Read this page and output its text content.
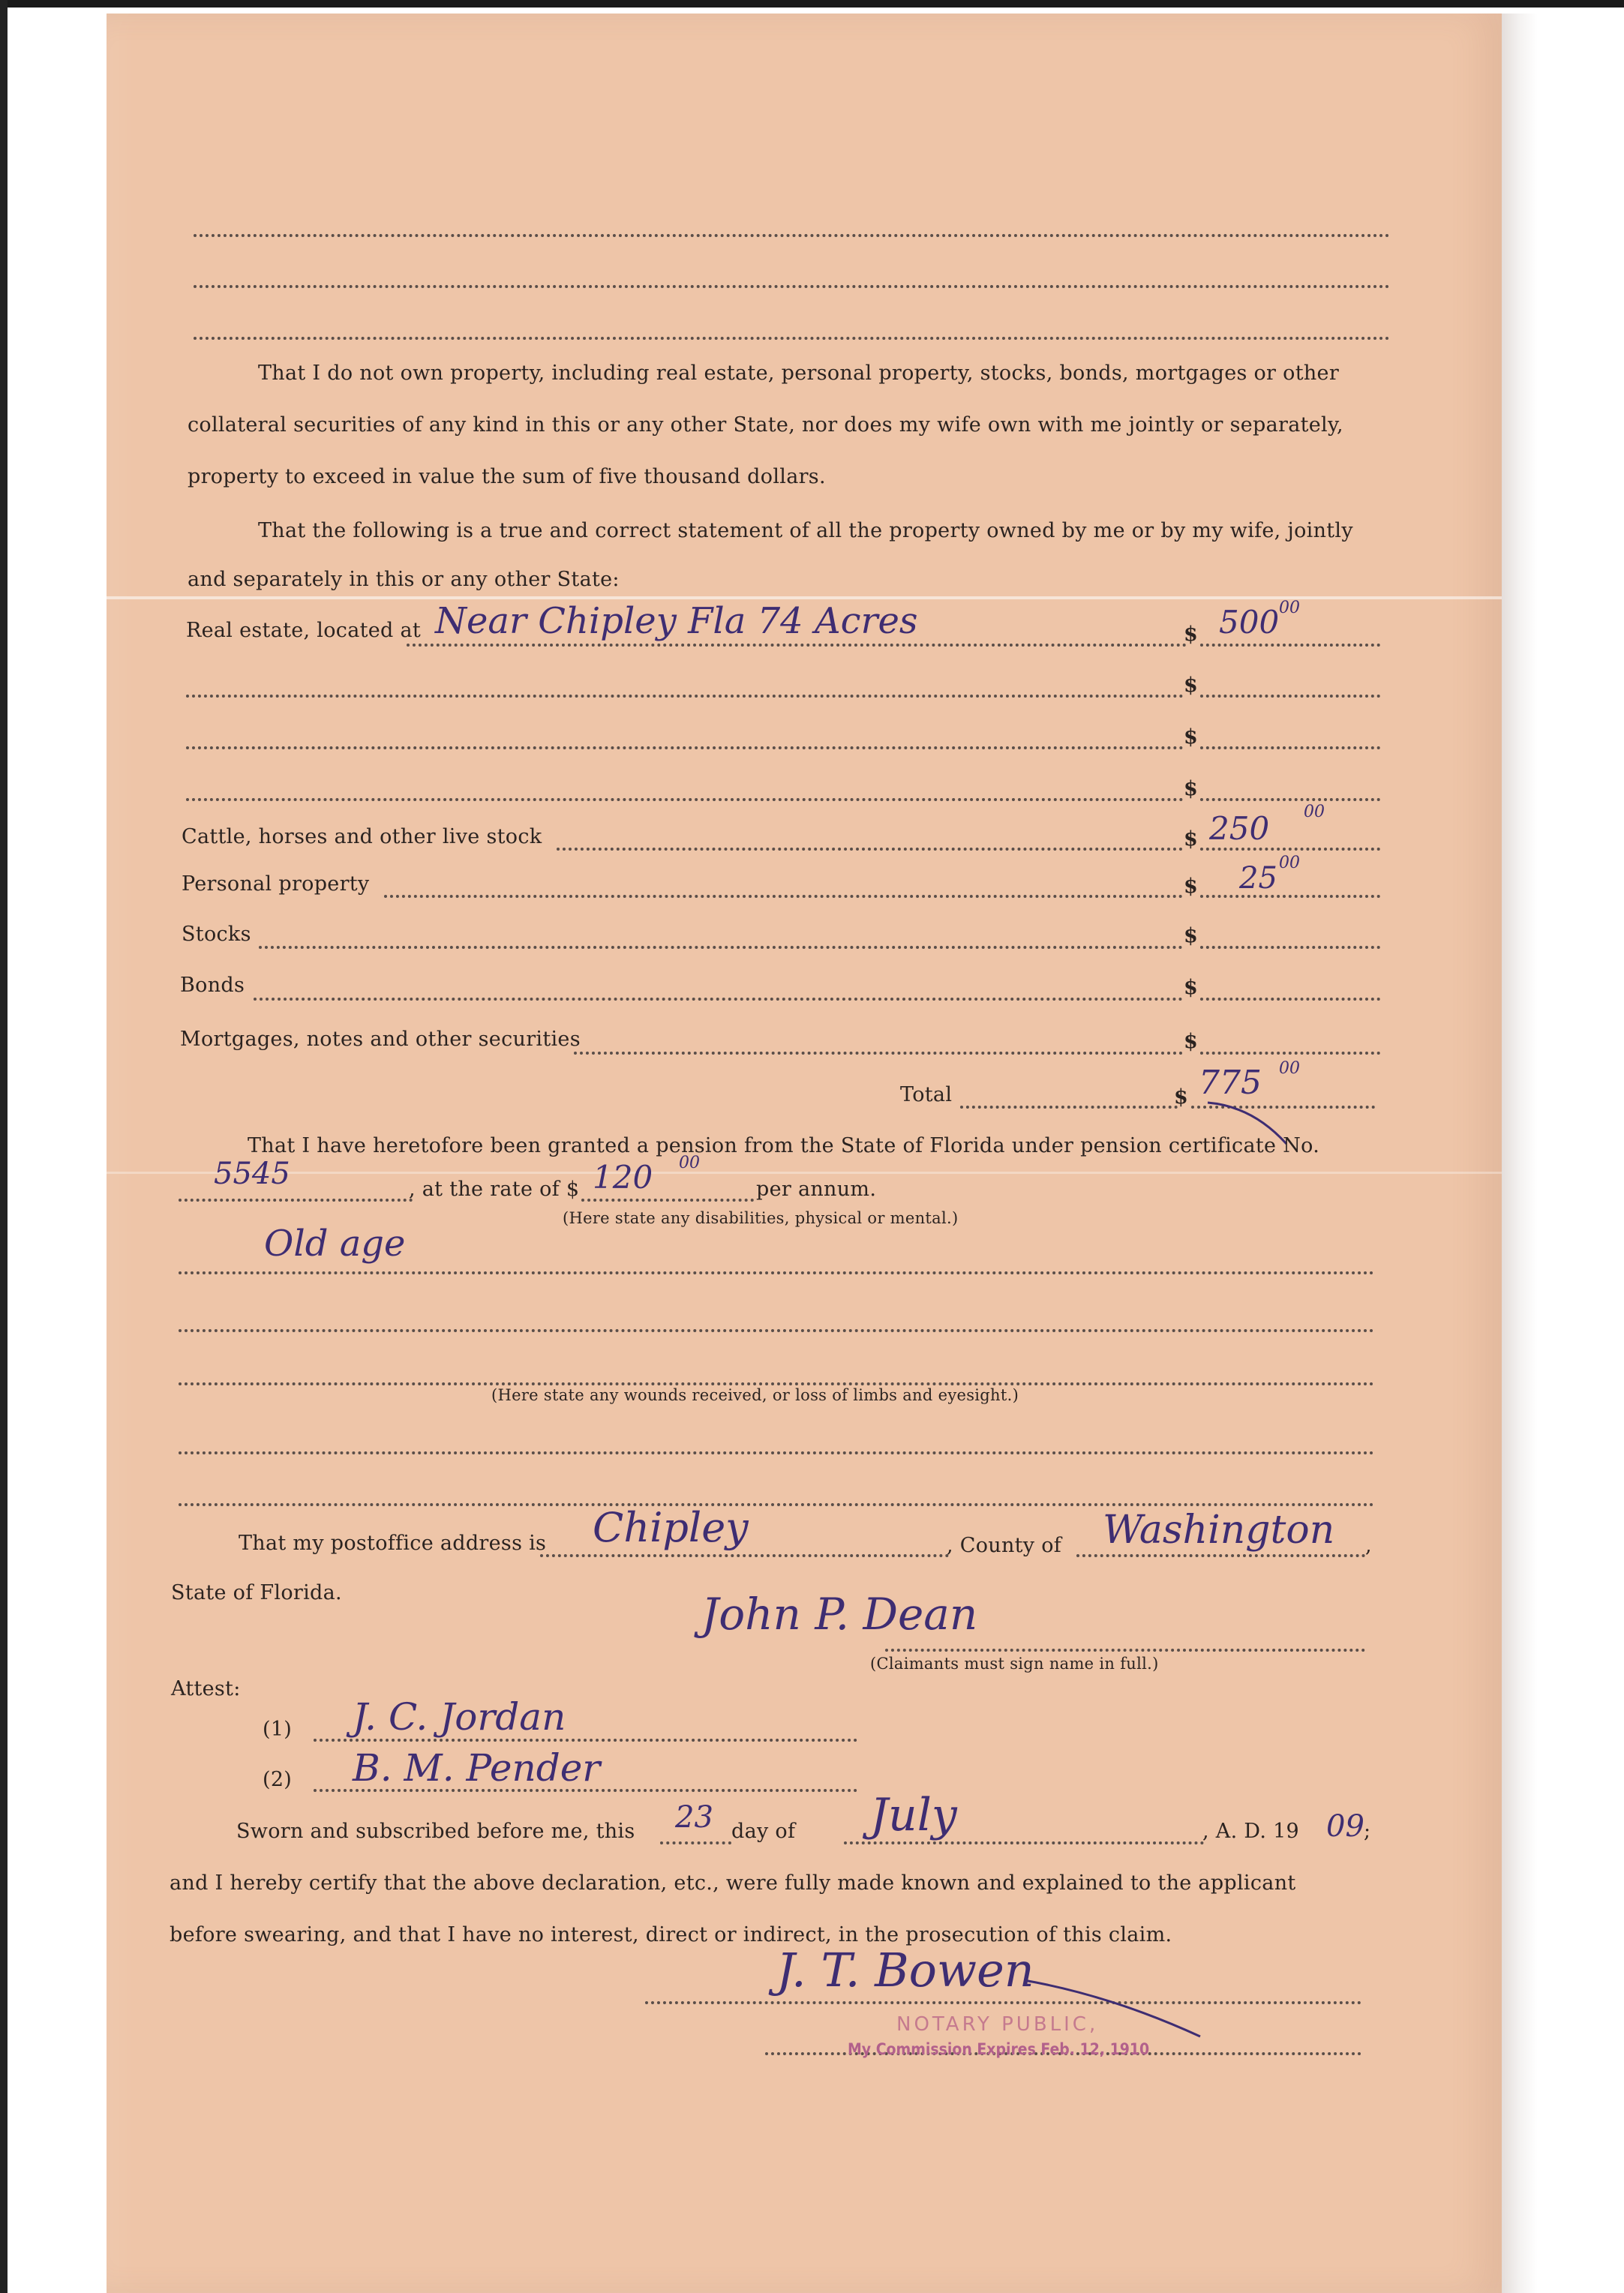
That I do not own property, including real estate, personal property, stocks, bonds, mortgages or other
collateral securities of any kind in this or any other State, nor does my wife own with me jointly or separately,
property to exceed in value the sum of five thousand dollars.
That the following is a true and correct statement of all the property owned by me or by my wife, jointly
and separately in this or any other State:
Real estate, located at Near Chipley Fla 74 Acres	$ 500 00
$
$
$
Cattle, horses and other live stock	$ 250 00
Personal property	$ 25 00
Stocks	$
Bonds	$
Mortgages, notes and other securities	$
Total	$ 775 00
That I have heretofore been granted a pension from the State of Florida under pension certificate No.
5545	, at the rate of $ 120 00
per annum.
(Here state any disabilities, physical or mental.)
Old age
(Here state any wounds received, or loss of limbs and eyesight.)
That my postoffice address is Chipley	, County of Washington ,
State of Florida.	John P. Dean
(Claimants must sign name in full.)
Attest:
(1) J. C. Jordan
(2) B. M. Pender
Sworn and subscribed before me, this 23 day of July	, A. D. 19 09 ;
and I hereby certify that the above declaration, etc., were fully made known and explained to the applicant
before swearing, and that I have no interest, direct or indirect, in the prosecution of this claim.
J. T. Bowen
NOTARY PUBLIC,
My Commission Expires Feb. 12, 1910
